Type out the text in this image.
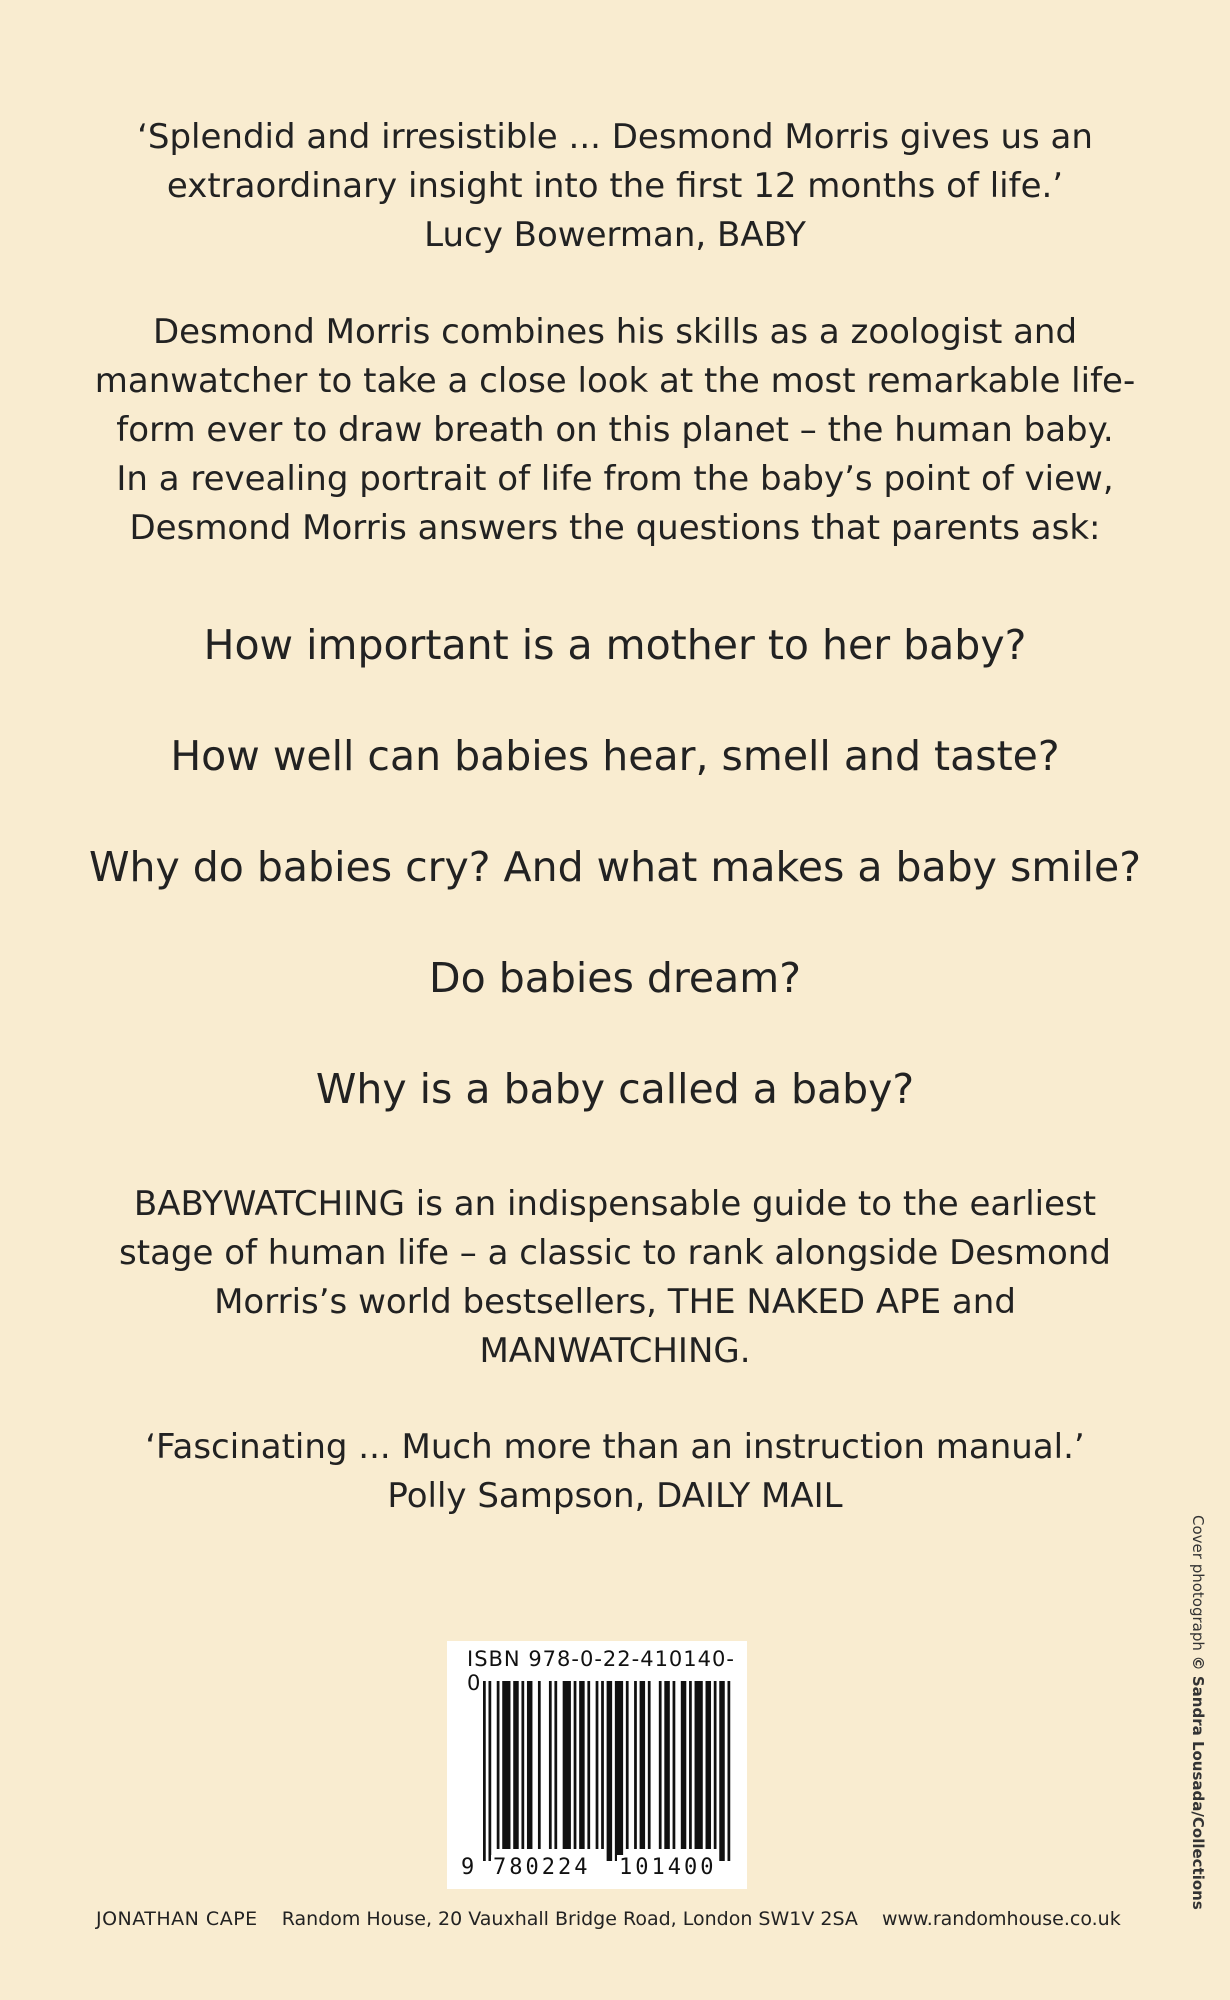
‘Splendid and irresistible ... Desmond Morris gives us an

extraordinary insight into the first 12 months of life.’

Lucy Bowerman, BABY

Desmond Morris combines his skills as a zoologist and

manwatcher to take a close look at the most remarkable life-

form ever to draw breath on this planet – the human baby.

In a revealing portrait of life from the baby’s point of view,

Desmond Morris answers the questions that parents ask:

How important is a mother to her baby?
How well can babies hear, smell and taste?
Why do babies cry? And what makes a baby smile?
Do babies dream?
Why is a baby called a baby?

BABYWATCHING is an indispensable guide to the earliest

stage of human life – a classic to rank alongside Desmond

Morris’s world bestsellers, THE NAKED APE and

MANWATCHING.

‘Fascinating ... Much more than an instruction manual.’

Polly Sampson, DAILY MAIL

Cover photograph © Sandra Lousada/Collections
ISBN 978-0-22-410140-0
9 780224 101400
JONATHAN CAPE Random House, 20 Vauxhall Bridge Road, London SW1V 2SA www.randomhouse.co.uk
